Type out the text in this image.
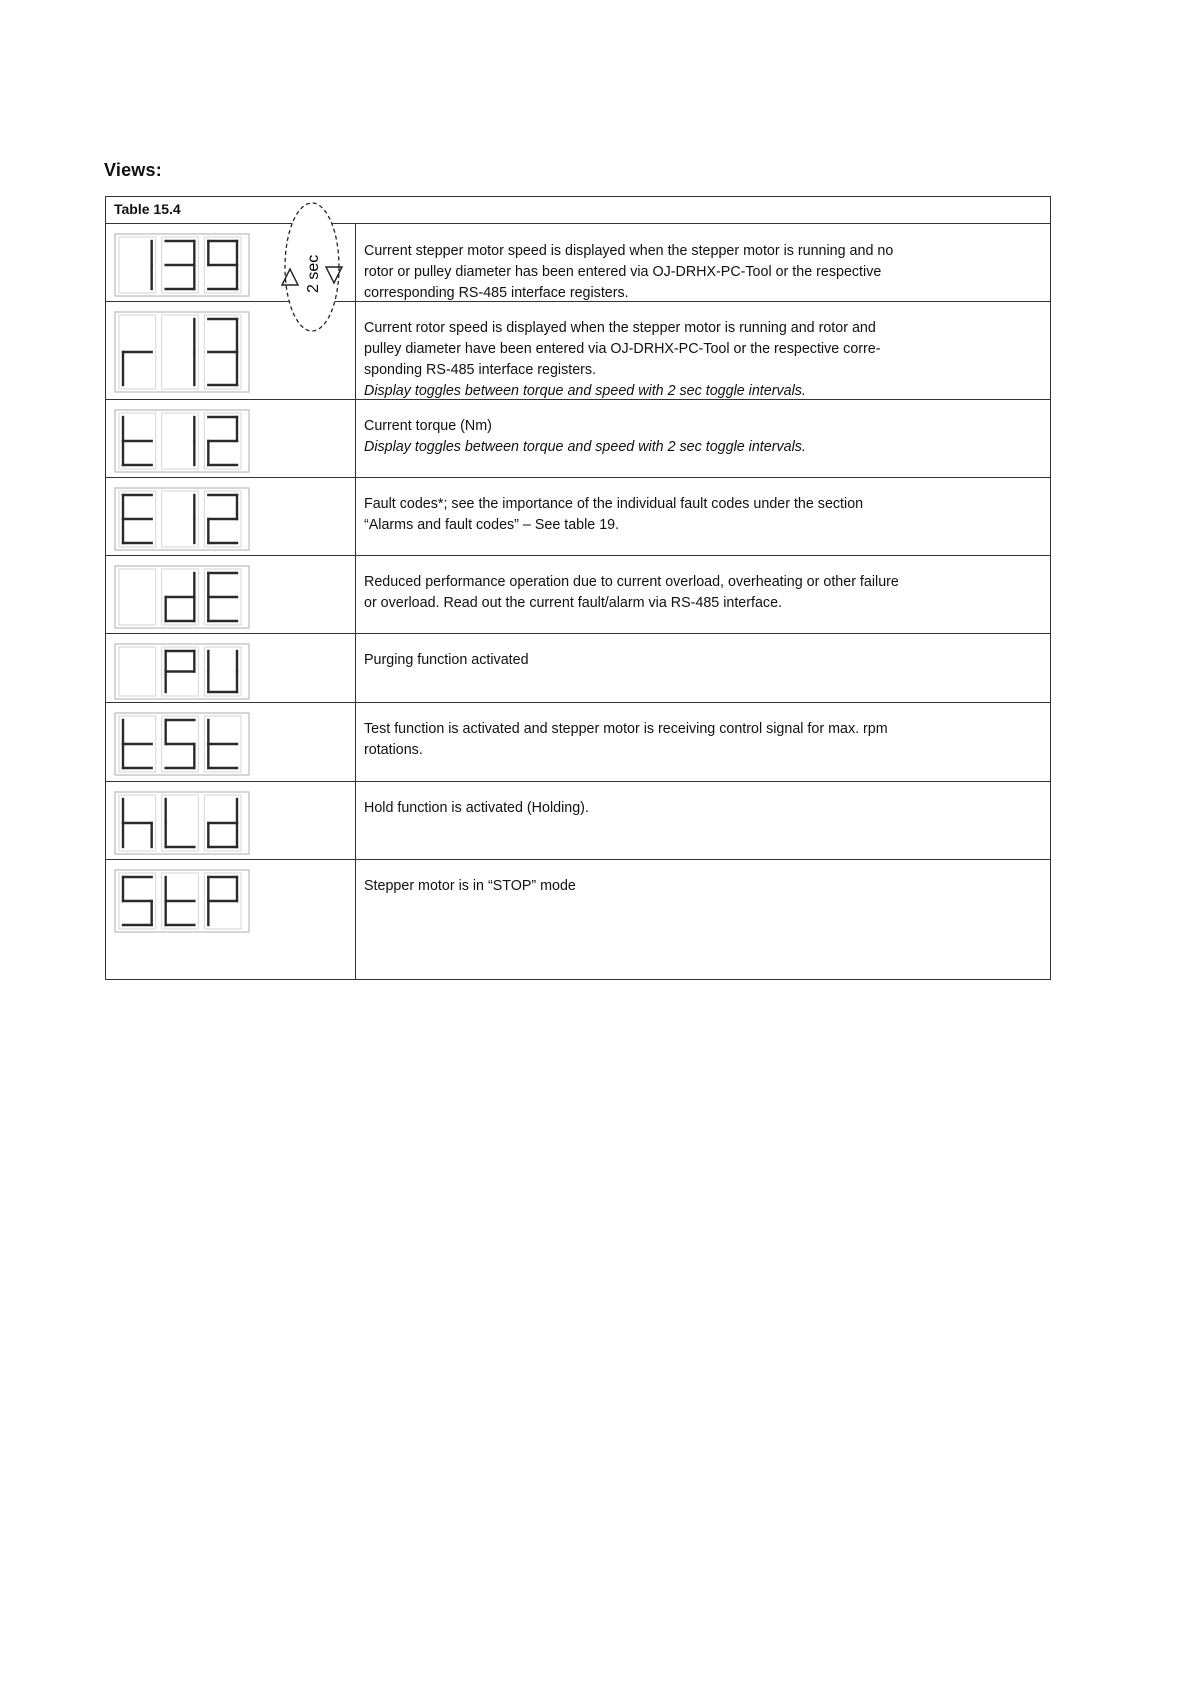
Views:
Table 15.4
2 sec
Current stepper motor speed is displayed when the stepper motor is running and no
rotor or pulley diameter has been entered via OJ-DRHX-PC-Tool or the respective
corresponding RS-485 interface registers.
Current rotor speed is displayed when the stepper motor is running and rotor and
pulley diameter have been entered via OJ-DRHX-PC-Tool or the respective corre-
sponding RS-485 interface registers.
Display toggles between torque and speed with 2 sec toggle intervals.
Current torque (Nm)
Display toggles between torque and speed with 2 sec toggle intervals.
Fault codes*; see the importance of the individual fault codes under the section
“Alarms and fault codes” – See table 19.
Reduced performance operation due to current overload, overheating or other failure
or overload. Read out the current fault/alarm via RS-485 interface.
Purging function activated
Test function is activated and stepper motor is receiving control signal for max. rpm
rotations.
Hold function is activated (Holding).
Stepper motor is in “STOP” mode
